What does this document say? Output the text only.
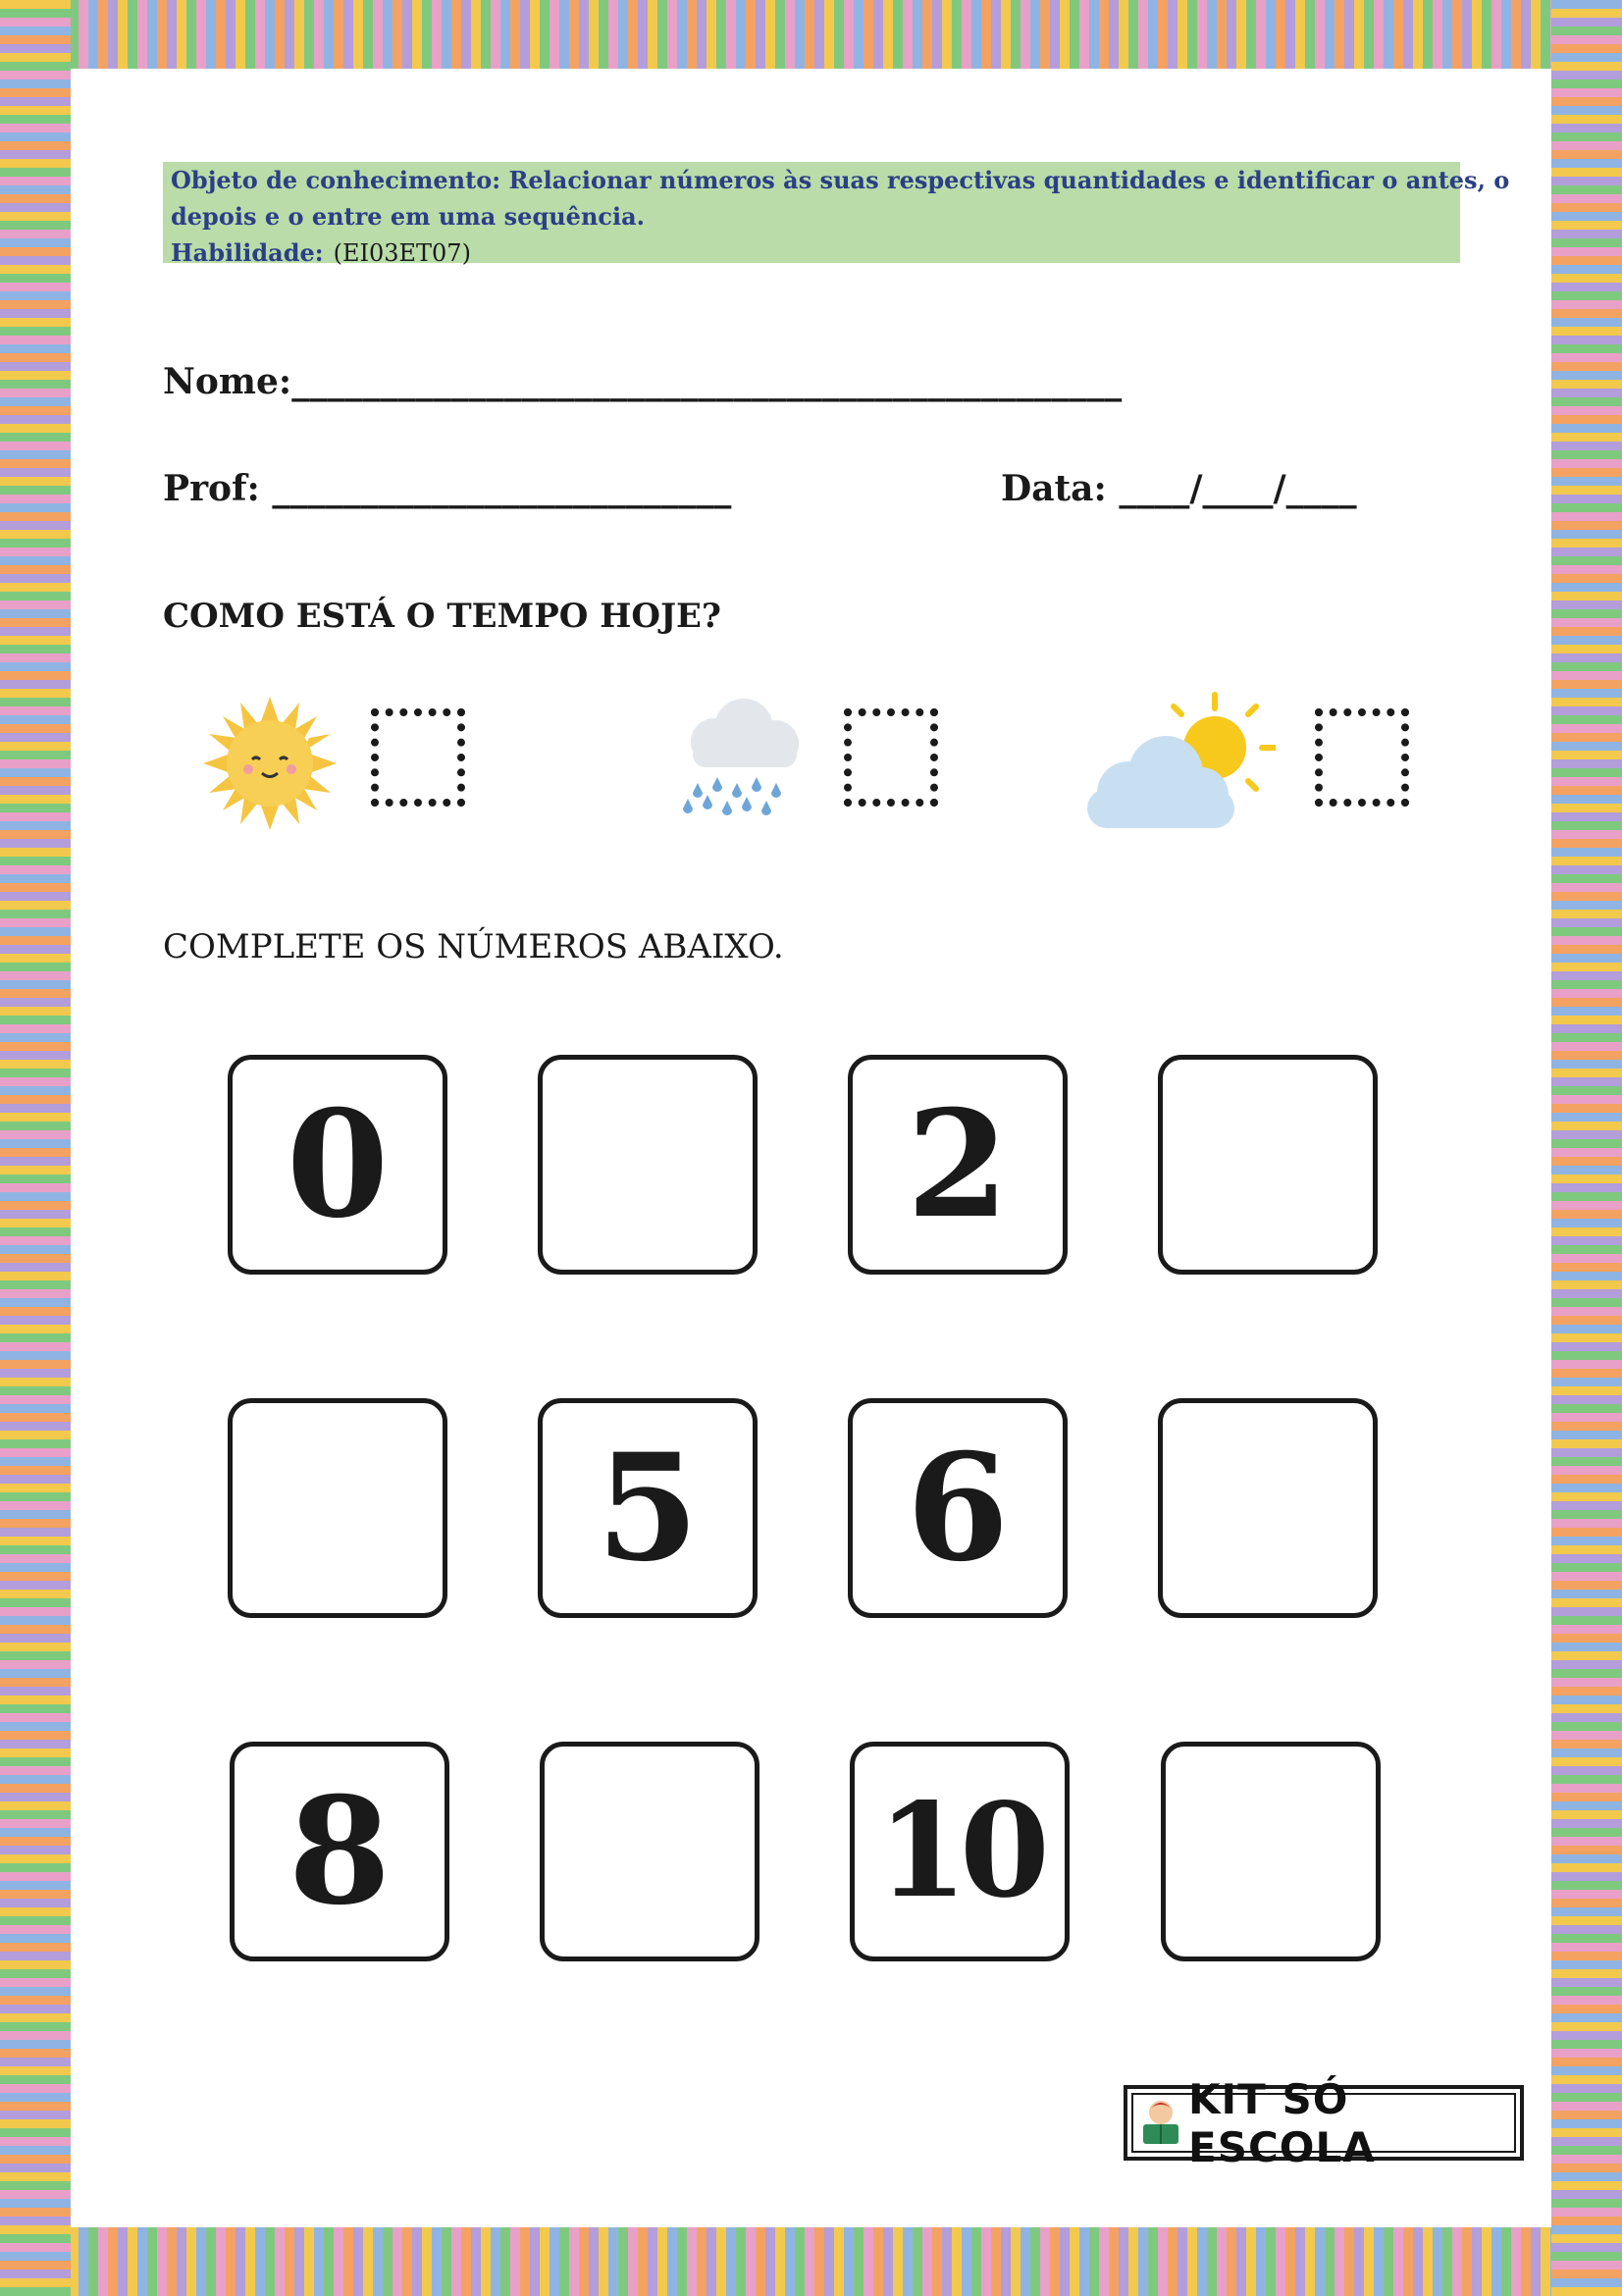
Objeto de conhecimento: Relacionar números às suas respectivas quantidades e identificar o antes, o
depois e o entre em uma sequência.
Habilidade: (EI03ET07)
Nome:_______________________________________________
Prof: __________________________	Data: ____/____/____
COMO ESTÁ O TEMPO HOJE?
COMPLETE OS NÚMEROS ABAIXO.
0	2
5	6
8	10
KIT SÓ ESCOLA
